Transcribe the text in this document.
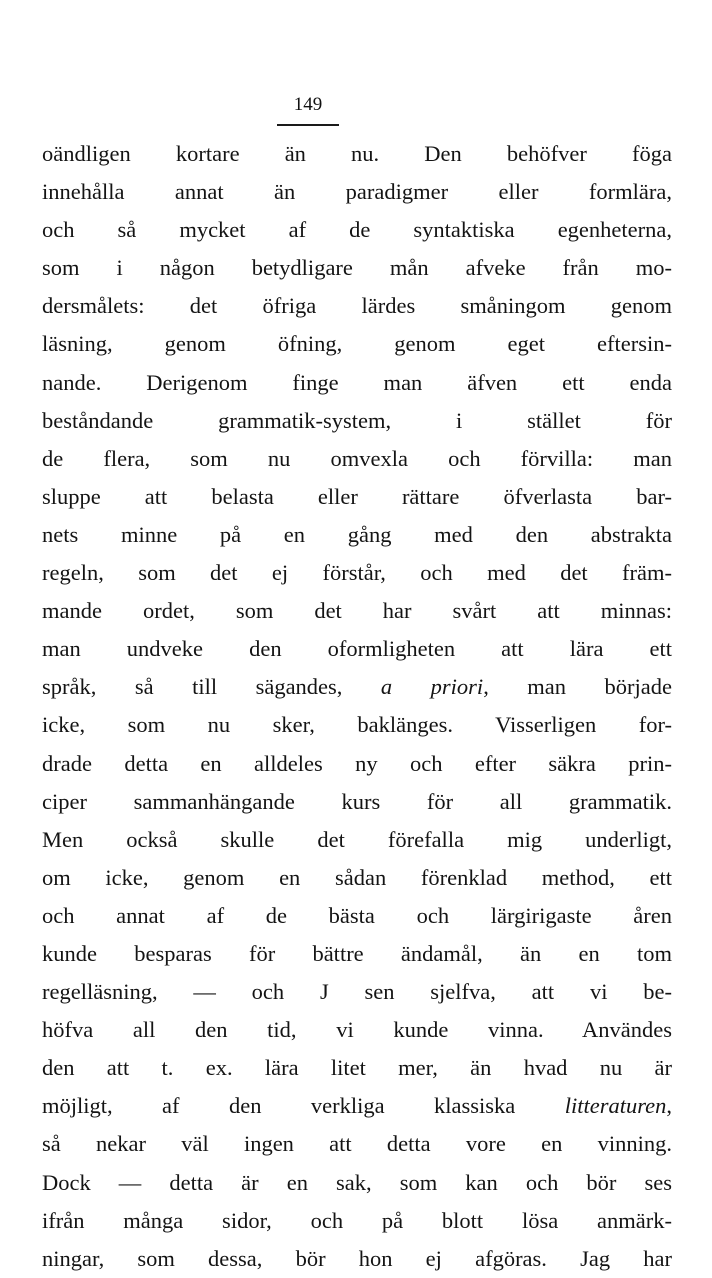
149
oändligen kortare än nu. Den behöfver föga
innehålla annat än paradigmer eller formlära,
och så mycket af de syntaktiska egenheterna,
som i någon betydligare mån afveke från mo-
dersmålets: det öfriga lärdes småningom genom
läsning, genom öfning, genom eget eftersin-
nande. Derigenom finge man äfven ett enda
beståndande grammatik-system, i stället för
de flera, som nu omvexla och förvilla: man
sluppe att belasta eller rättare öfverlasta bar-
nets minne på en gång med den abstrakta
regeln, som det ej förstår, och med det främ-
mande ordet, som det har svårt att minnas:
man undveke den oformligheten att lära ett
språk, så till sägandes, a priori, man började
icke, som nu sker, baklänges. Visserligen for-
drade detta en alldeles ny och efter säkra prin-
ciper sammanhängande kurs för all grammatik.
Men också skulle det förefalla mig underligt,
om icke, genom en sådan förenklad method, ett
och annat af de bästa och lärgirigaste åren
kunde besparas för bättre ändamål, än en tom
regelläsning, — och J sen sjelfva, att vi be-
höfva all den tid, vi kunde vinna. Användes
den att t. ex. lära litet mer, än hvad nu är
möjligt, af den verkliga klassiska litteraturen,
så nekar väl ingen att detta vore en vinning.
Dock — detta är en sak, som kan och bör ses
ifrån många sidor, och på blott lösa anmärk-
ningar, som dessa, bör hon ej afgöras. Jag har
